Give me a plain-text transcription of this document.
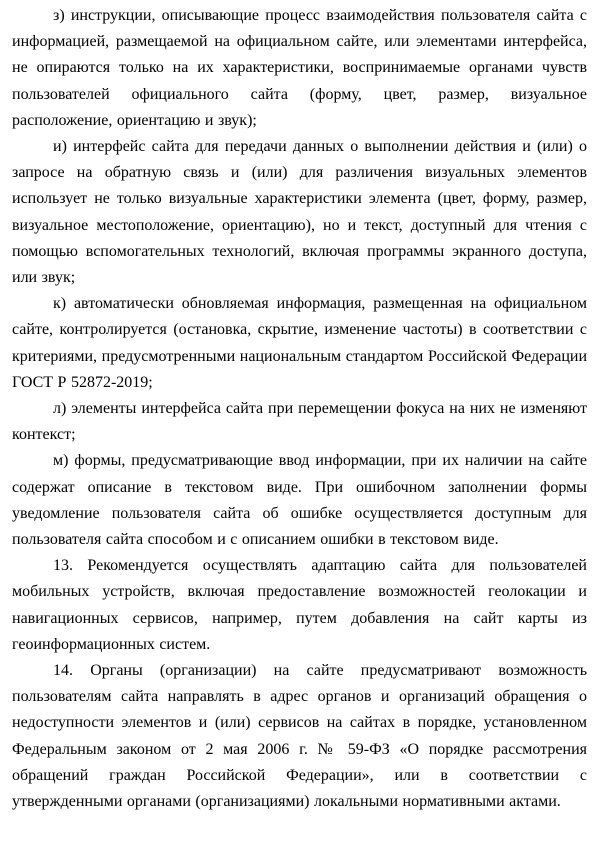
з) инструкции, описывающие процесс взаимодействия пользователя сайта с информацией, размещаемой на официальном сайте, или элементами интерфейса, не опираются только на их характеристики, воспринимаемые органами чувств пользователей официального сайта (форму, цвет, размер, визуальное расположение, ориентацию и звук);

и) интерфейс сайта для передачи данных о выполнении действия и (или) о запросе на обратную связь и (или) для различения визуальных элементов использует не только визуальные характеристики элемента (цвет, форму, размер, визуальное местоположение, ориентацию), но и текст, доступный для чтения с помощью вспомогательных технологий, включая программы экранного доступа, или звук;

к) автоматически обновляемая информация, размещенная на официальном сайте, контролируется (остановка, скрытие, изменение частоты) в соответствии с критериями, предусмотренными национальным стандартом Российской Федерации ГОСТ Р 52872-2019;

л) элементы интерфейса сайта при перемещении фокуса на них не изменяют контекст;

м) формы, предусматривающие ввод информации, при их наличии на сайте содержат описание в текстовом виде. При ошибочном заполнении формы уведомление пользователя сайта об ошибке осуществляется доступным для пользователя сайта способом и с описанием ошибки в текстовом виде.

13. Рекомендуется осуществлять адаптацию сайта для пользователей мобильных устройств, включая предоставление возможностей геолокации и навигационных сервисов, например, путем добавления на сайт карты из геоинформационных систем.

14. Органы (организации) на сайте предусматривают возможность пользователям сайта направлять в адрес органов и организаций обращения о недоступности элементов и (или) сервисов на сайтах в порядке, установленном Федеральным законом от 2 мая 2006 г. № 59-ФЗ «О порядке рассмотрения обращений граждан Российской Федерации», или в соответствии с утвержденными органами (организациями) локальными нормативными актами.
